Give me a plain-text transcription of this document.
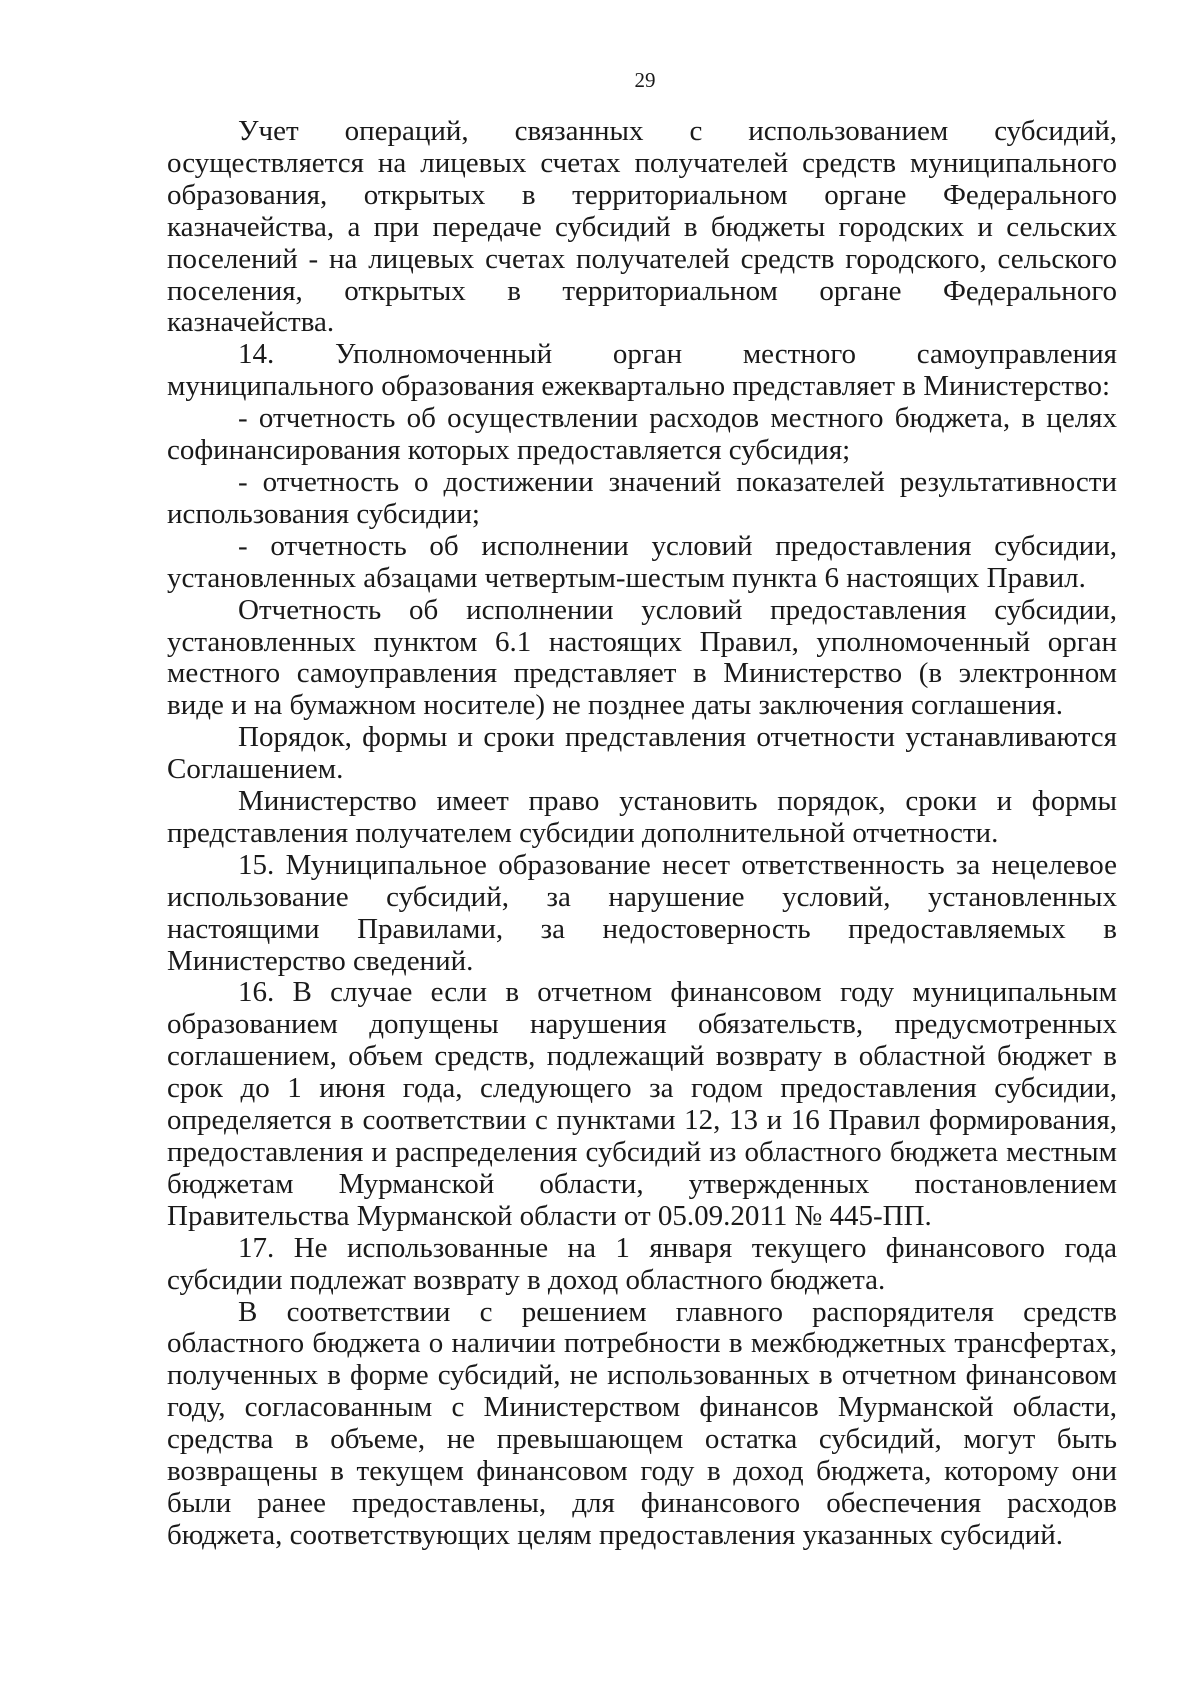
29

Учет операций, связанных с использованием субсидий, осуществляется на лицевых счетах получателей средств муниципального образования, открытых в территориальном органе Федерального казначейства, а при передаче субсидий в бюджеты городских и сельских поселений - на лицевых счетах получателей средств городского, сельского поселения, открытых в территориальном органе Федерального казначейства.

14. Уполномоченный орган местного самоуправления муниципального образования ежеквартально представляет в Министерство:

- отчетность об осуществлении расходов местного бюджета, в целях софинансирования которых предоставляется субсидия;

- отчетность о достижении значений показателей результативности использования субсидии;

- отчетность об исполнении условий предоставления субсидии, установленных абзацами четвертым-шестым пункта 6 настоящих Правил.

Отчетность об исполнении условий предоставления субсидии, установленных пунктом 6.1 настоящих Правил, уполномоченный орган местного самоуправления представляет в Министерство (в электронном виде и на бумажном носителе) не позднее даты заключения соглашения.

Порядок, формы и сроки представления отчетности устанавливаются Соглашением.

Министерство имеет право установить порядок, сроки и формы представления получателем субсидии дополнительной отчетности.

15. Муниципальное образование несет ответственность за нецелевое использование субсидий, за нарушение условий, установленных настоящими Правилами, за недостоверность предоставляемых в Министерство сведений.

16. В случае если в отчетном финансовом году муниципальным образованием допущены нарушения обязательств, предусмотренных соглашением, объем средств, подлежащий возврату в областной бюджет в срок до 1 июня года, следующего за годом предоставления субсидии, определяется в соответствии с пунктами 12, 13 и 16 Правил формирования, предоставления и распределения субсидий из областного бюджета местным бюджетам Мурманской области, утвержденных постановлением Правительства Мурманской области от 05.09.2011 № 445-ПП.

17. Не использованные на 1 января текущего финансового года субсидии подлежат возврату в доход областного бюджета.

В соответствии с решением главного распорядителя средств областного бюджета о наличии потребности в межбюджетных трансфертах, полученных в форме субсидий, не использованных в отчетном финансовом году, согласованным с Министерством финансов Мурманской области, средства в объеме, не превышающем остатка субсидий, могут быть возвращены в текущем финансовом году в доход бюджета, которому они были ранее предоставлены, для финансового обеспечения расходов бюджета, соответствующих целям предоставления указанных субсидий.
